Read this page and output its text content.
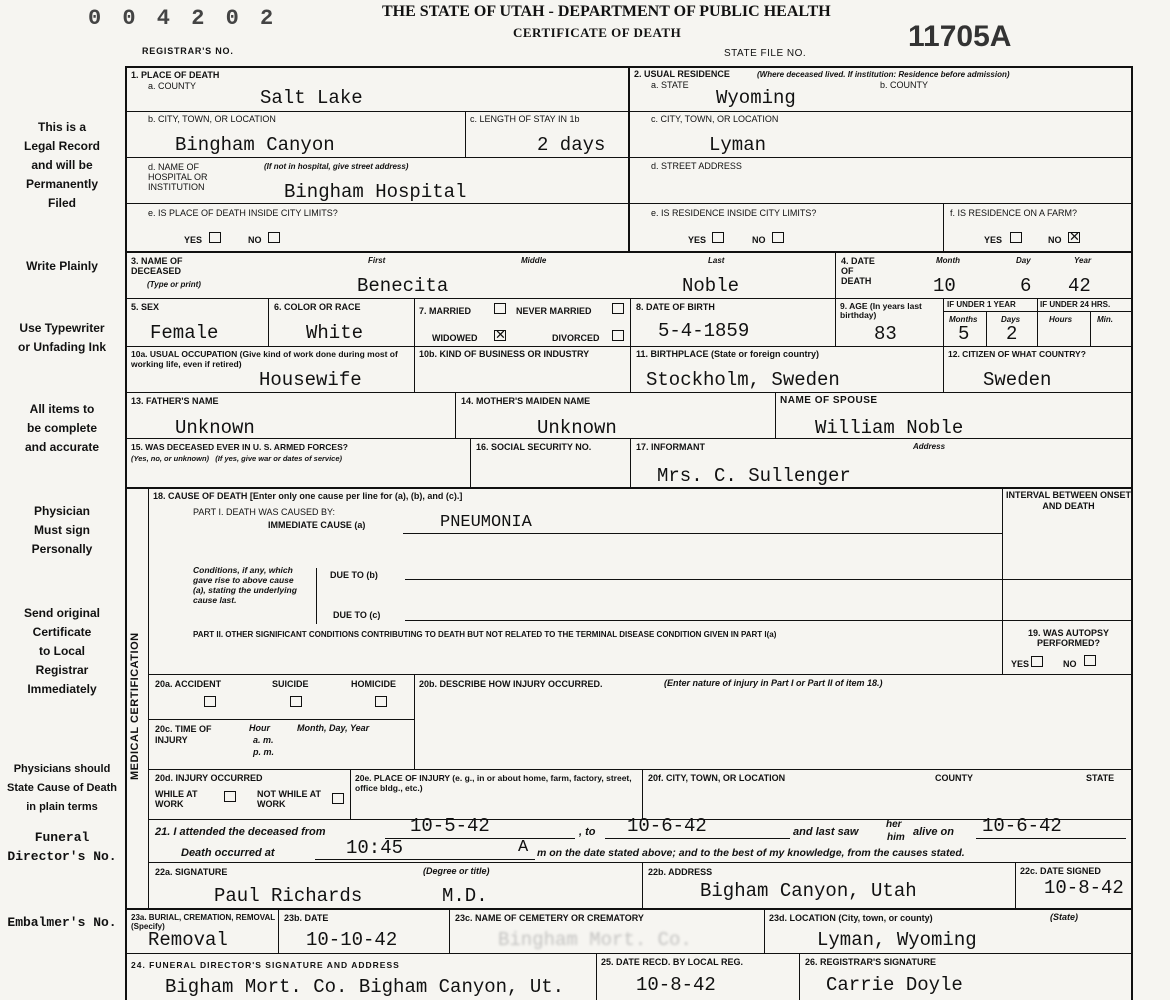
0 0 4 2 0 2	THE STATE OF UTAH - DEPARTMENT OF PUBLIC HEALTH
CERTIFICATE OF DEATH
REGISTRAR'S NO.	STATE FILE NO.
11705A
This is a
Legal Record
and will be
Permanently
Filed
Write Plainly
Use Typewriter
or Unfading Ink
All items to
be complete
and accurate
Physician
Must sign
Personally
Send original
Certificate
to Local
Registrar
Immediately
Physicians should
State Cause of Death
in plain terms
Funeral
Director's No.
Embalmer's No.
1. PLACE OF DEATH
a. COUNTY
Salt Lake
b. CITY, TOWN, OR LOCATION
Bingham Canyon
c. LENGTH OF STAY IN 1b
2 days
d. NAME OF HOSPITAL OR INSTITUTION
(If not in hospital, give street address)
Bingham Hospital
e. IS PLACE OF DEATH INSIDE CITY LIMITS?
YES	NO
2. USUAL RESIDENCE	(Where deceased lived. If institution: Residence before admission)
a. STATE
Wyoming
b. COUNTY
c. CITY, TOWN, OR LOCATION
Lyman
d. STREET ADDRESS
e. IS RESIDENCE INSIDE CITY LIMITS?
YES	NO
f. IS RESIDENCE ON A FARM?
YES	NO
✕
3. NAME OF DECEASED
(Type or print)
First	Middle	Last
Benecita	Noble
4. DATE OF DEATH
Month	Day	Year
10	6 42
5. SEX
Female
6. COLOR OR RACE
White
7. MARRIED	NEVER MARRIED
WIDOWED
✕	DIVORCED
8. DATE OF BIRTH
5-4-1859
9. AGE (In years last birthday)
83
IF UNDER 1 YEAR	IF UNDER 24 HRS.
Months	Days	Hours	Min.
5 2
10a. USUAL OCCUPATION (Give kind of work done during most of working life, even if retired)
Housewife
10b. KIND OF BUSINESS OR INDUSTRY	11. BIRTHPLACE (State or foreign country)
Stockholm, Sweden
12. CITIZEN OF WHAT COUNTRY?
Sweden
13. FATHER'S NAME
Unknown
14. MOTHER'S MAIDEN NAME
Unknown
NAME OF SPOUSE
William Noble
15. WAS DECEASED EVER IN U. S. ARMED FORCES?
(Yes, no, or unknown)   (If yes, give war or dates of service)
16. SOCIAL SECURITY NO.	17. INFORMANT	Address
Mrs. C. Sullenger
MEDICAL CERTIFICATION
18. CAUSE OF DEATH [Enter only one cause per line for (a), (b), and (c).]
PART I. DEATH WAS CAUSED BY:
IMMEDIATE CAUSE (a)	PNEUMONIA
INTERVAL BETWEEN ONSET AND DEATH
Conditions, if any, which gave rise to above cause (a), stating the underlying cause last.
DUE TO (b)
DUE TO (c)
PART II. OTHER SIGNIFICANT CONDITIONS CONTRIBUTING TO DEATH BUT NOT RELATED TO THE TERMINAL DISEASE CONDITION GIVEN IN PART I(a)	19. WAS AUTOPSY PERFORMED?
YES	NO
20a. ACCIDENT	SUICIDE	HOMICIDE	20b. DESCRIBE HOW INJURY OCCURRED.	(Enter nature of injury in Part I or Part II of item 18.)
20c. TIME OF INJURY
Hour
a. m.
p. m.
Month, Day, Year
20d. INJURY OCCURRED
WHILE AT WORK
NOT WHILE AT WORK
20e. PLACE OF INJURY (e. g., in or about home, farm, factory, street, office bldg., etc.)
20f. CITY, TOWN, OR LOCATION	COUNTY	STATE
21. I attended the deceased from	10-5-42	, to 10-6-42	and last saw
her
him alive on 10-6-42
Death occurred at	10:45	A m on the date stated above; and to the best of my knowledge, from the causes stated.
22a. SIGNATURE	(Degree or title)
Paul Richards	M.D.
22b. ADDRESS
Bigham Canyon, Utah
22c. DATE SIGNED
10-8-42
23a. BURIAL, CREMATION, REMOVAL (Specify)
Removal
23b. DATE
10-10-42
23c. NAME OF CEMETERY OR CREMATORY
Bingham Mort. Co.
23d. LOCATION (City, town, or county)	(State)
Lyman, Wyoming
24. FUNERAL DIRECTOR'S SIGNATURE AND ADDRESS
Bigham Mort. Co. Bigham Canyon, Ut.
25. DATE RECD. BY LOCAL REG.
10-8-42
26. REGISTRAR'S SIGNATURE
Carrie Doyle
